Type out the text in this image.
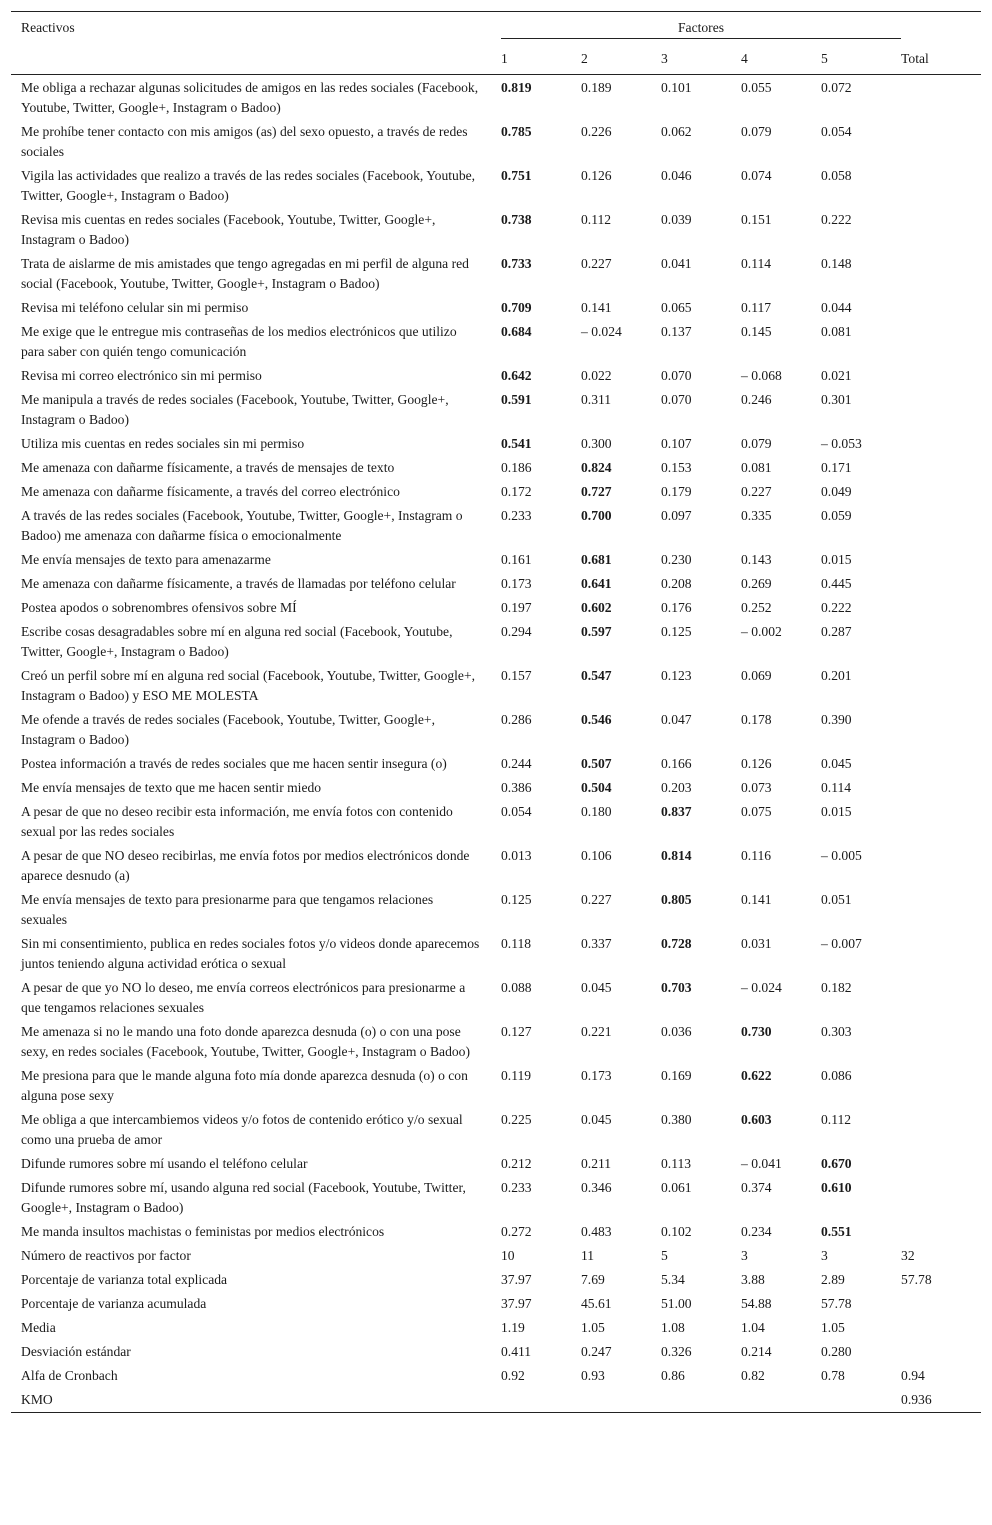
Reactivos	Factores					Total
	1	2	3	4	5	
Me obliga a rechazar algunas solicitudes de amigos en las redes sociales (Facebook, Youtube, Twitter, Google+, Instagram o Badoo)	0.819	0.189	0.101	0.055	0.072	
Me prohíbe tener contacto con mis amigos (as) del sexo opuesto, a través de redes sociales	0.785	0.226	0.062	0.079	0.054	
Vigila las actividades que realizo a través de las redes sociales (Facebook, Youtube, Twitter, Google+, Instagram o Badoo)	0.751	0.126	0.046	0.074	0.058	
Revisa mis cuentas en redes sociales (Facebook, Youtube, Twitter, Google+, Instagram o Badoo)	0.738	0.112	0.039	0.151	0.222	
Trata de aislarme de mis amistades que tengo agregadas en mi perfil de alguna red social (Facebook, Youtube, Twitter, Google+, Instagram o Badoo)	0.733	0.227	0.041	0.114	0.148	
Revisa mi teléfono celular sin mi permiso	0.709	0.141	0.065	0.117	0.044	
Me exige que le entregue mis contraseñas de los medios electrónicos que utilizo para saber con quién tengo comunicación	0.684	– 0.024	0.137	0.145	0.081	
Revisa mi correo electrónico sin mi permiso	0.642	0.022	0.070	– 0.068	0.021	
Me manipula a través de redes sociales (Facebook, Youtube, Twitter, Google+, Instagram o Badoo)	0.591	0.311	0.070	0.246	0.301	
Utiliza mis cuentas en redes sociales sin mi permiso	0.541	0.300	0.107	0.079	– 0.053	
Me amenaza con dañarme físicamente, a través de mensajes de texto	0.186	0.824	0.153	0.081	0.171	
Me amenaza con dañarme físicamente, a través del correo electrónico	0.172	0.727	0.179	0.227	0.049	
A través de las redes sociales (Facebook, Youtube, Twitter, Google+, Instagram o Badoo) me amenaza con dañarme física o emocionalmente	0.233	0.700	0.097	0.335	0.059	
Me envía mensajes de texto para amenazarme	0.161	0.681	0.230	0.143	0.015	
Me amenaza con dañarme físicamente, a través de llamadas por teléfono celular	0.173	0.641	0.208	0.269	0.445	
Postea apodos o sobrenombres ofensivos sobre MÍ	0.197	0.602	0.176	0.252	0.222	
Escribe cosas desagradables sobre mí en alguna red social (Facebook, Youtube, Twitter, Google+, Instagram o Badoo)	0.294	0.597	0.125	– 0.002	0.287	
Creó un perfil sobre mí en alguna red social (Facebook, Youtube, Twitter, Google+, Instagram o Badoo) y ESO ME MOLESTA	0.157	0.547	0.123	0.069	0.201	
Me ofende a través de redes sociales (Facebook, Youtube, Twitter, Google+, Instagram o Badoo)	0.286	0.546	0.047	0.178	0.390	
Postea información a través de redes sociales que me hacen sentir insegura (o)	0.244	0.507	0.166	0.126	0.045	
Me envía mensajes de texto que me hacen sentir miedo	0.386	0.504	0.203	0.073	0.114	
A pesar de que no deseo recibir esta información, me envía fotos con contenido sexual por las redes sociales	0.054	0.180	0.837	0.075	0.015	
A pesar de que NO deseo recibirlas, me envía fotos por medios electrónicos donde aparece desnudo (a)	0.013	0.106	0.814	0.116	– 0.005	
Me envía mensajes de texto para presionarme para que tengamos relaciones sexuales	0.125	0.227	0.805	0.141	0.051	
Sin mi consentimiento, publica en redes sociales fotos y/o videos donde aparecemos juntos teniendo alguna actividad erótica o sexual	0.118	0.337	0.728	0.031	– 0.007	
A pesar de que yo NO lo deseo, me envía correos electrónicos para presionarme a que tengamos relaciones sexuales	0.088	0.045	0.703	– 0.024	0.182	
Me amenaza si no le mando una foto donde aparezca desnuda (o) o con una pose sexy, en redes sociales (Facebook, Youtube, Twitter, Google+, Instagram o Badoo)	0.127	0.221	0.036	0.730	0.303	
Me presiona para que le mande alguna foto mía donde aparezca desnuda (o) o con alguna pose sexy	0.119	0.173	0.169	0.622	0.086	
Me obliga a que intercambiemos videos y/o fotos de contenido erótico y/o sexual como una prueba de amor	0.225	0.045	0.380	0.603	0.112	
Difunde rumores sobre mí usando el teléfono celular	0.212	0.211	0.113	– 0.041	0.670	
Difunde rumores sobre mí, usando alguna red social (Facebook, Youtube, Twitter, Google+, Instagram o Badoo)	0.233	0.346	0.061	0.374	0.610	
Me manda insultos machistas o feministas por medios electrónicos	0.272	0.483	0.102	0.234	0.551	
Número de reactivos por factor	10	11	5	3	3	32
Porcentaje de varianza total explicada	37.97	7.69	5.34	3.88	2.89	57.78
Porcentaje de varianza acumulada	37.97	45.61	51.00	54.88	57.78	
Media	1.19	1.05	1.08	1.04	1.05	
Desviación estándar	0.411	0.247	0.326	0.214	0.280	
Alfa de Cronbach	0.92	0.93	0.86	0.82	0.78	0.94
KMO						0.936
